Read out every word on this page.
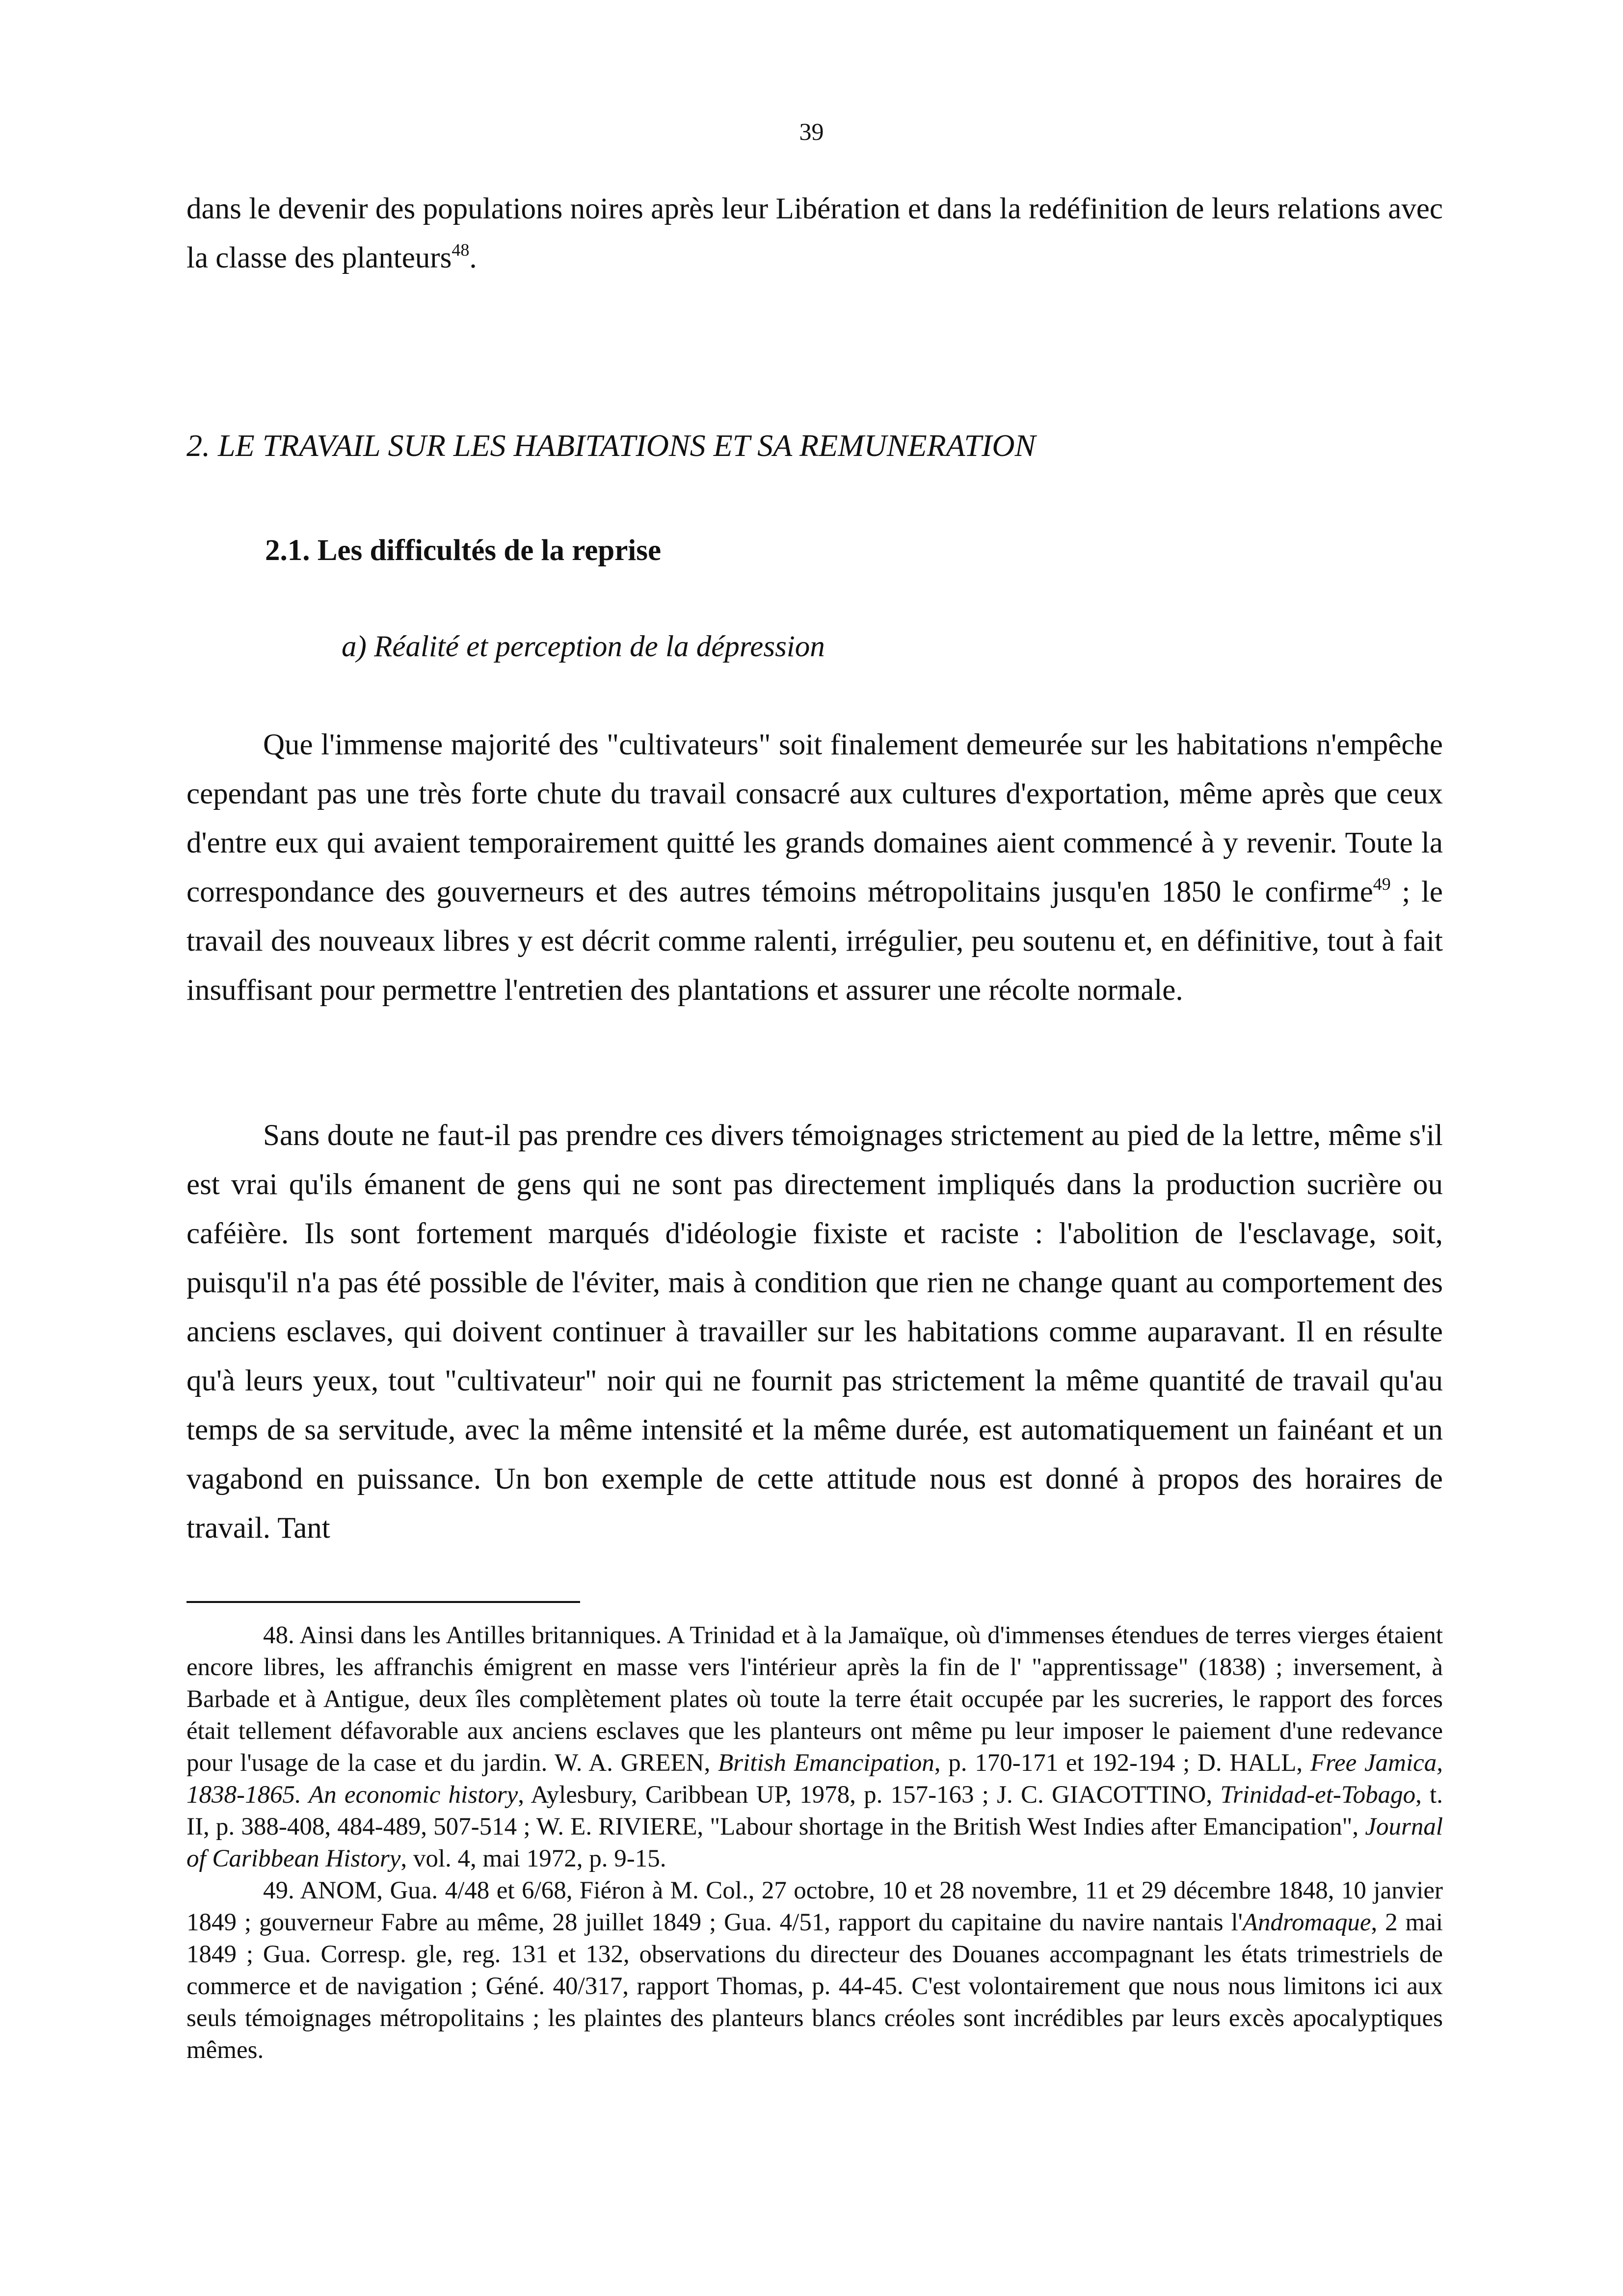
39

dans le devenir des populations noires après leur Libération et dans la redéfinition de leurs relations avec la classe des planteurs$^{48}$.

2. LE TRAVAIL SUR LES HABITATIONS ET SA REMUNERATION
2.1. Les difficultés de la reprise
a) Réalité et perception de la dépression

Que l'immense majorité des "cultivateurs" soit finalement demeurée sur les habitations n'empêche cependant pas une très forte chute du travail consacré aux cultures d'exportation, même après que ceux d'entre eux qui avaient temporairement quitté les grands domaines aient commencé à y revenir. Toute la correspondance des gouverneurs et des autres témoins métropolitains jusqu'en 1850 le confirme$^{49}$ ; le travail des nouveaux libres y est décrit comme ralenti, irrégulier, peu soutenu et, en définitive, tout à fait insuffisant pour permettre l'entretien des plantations et assurer une récolte normale.

Sans doute ne faut-il pas prendre ces divers témoignages strictement au pied de la lettre, même s'il est vrai qu'ils émanent de gens qui ne sont pas directement impliqués dans la production sucrière ou caféière. Ils sont fortement marqués d'idéologie fixiste et raciste : l'abolition de l'esclavage, soit, puisqu'il n'a pas été possible de l'éviter, mais à condition que rien ne change quant au comportement des anciens esclaves, qui doivent continuer à travailler sur les habitations comme auparavant. Il en résulte qu'à leurs yeux, tout "cultivateur" noir qui ne fournit pas strictement la même quantité de travail qu'au temps de sa servitude, avec la même intensité et la même durée, est automatiquement un fainéant et un vagabond en puissance. Un bon exemple de cette attitude nous est donné à propos des horaires de travail. Tant

48. Ainsi dans les Antilles britanniques. A Trinidad et à la Jamaïque, où d'immenses étendues de terres vierges étaient encore libres, les affranchis émigrent en masse vers l'intérieur après la fin de l' "apprentissage" (1838) ; inversement, à Barbade et à Antigue, deux îles complètement plates où toute la terre était occupée par les sucreries, le rapport des forces était tellement défavorable aux anciens esclaves que les planteurs ont même pu leur imposer le paiement d'une redevance pour l'usage de la case et du jardin. W. A. GREEN, British Emancipation, p. 170-171 et 192-194 ; D. HALL, Free Jamica, 1838-1865. An economic history, Aylesbury, Caribbean UP, 1978, p. 157-163 ; J. C. GIACOTTINO, Trinidad-et-Tobago, t. II, p. 388-408, 484-489, 507-514 ; W. E. RIVIERE, "Labour shortage in the British West Indies after Emancipation", Journal of Caribbean History, vol. 4, mai 1972, p. 9-15.

49. ANOM, Gua. 4/48 et 6/68, Fiéron à M. Col., 27 octobre, 10 et 28 novembre, 11 et 29 décembre 1848, 10 janvier 1849 ; gouverneur Fabre au même, 28 juillet 1849 ; Gua. 4/51, rapport du capitaine du navire nantais l'Andromaque, 2 mai 1849 ; Gua. Corresp. gle, reg. 131 et 132, observations du directeur des Douanes accompagnant les états trimestriels de commerce et de navigation ; Géné. 40/317, rapport Thomas, p. 44-45. C'est volontairement que nous nous limitons ici aux seuls témoignages métropolitains ; les plaintes des planteurs blancs créoles sont incrédibles par leurs excès apocalyptiques mêmes.
